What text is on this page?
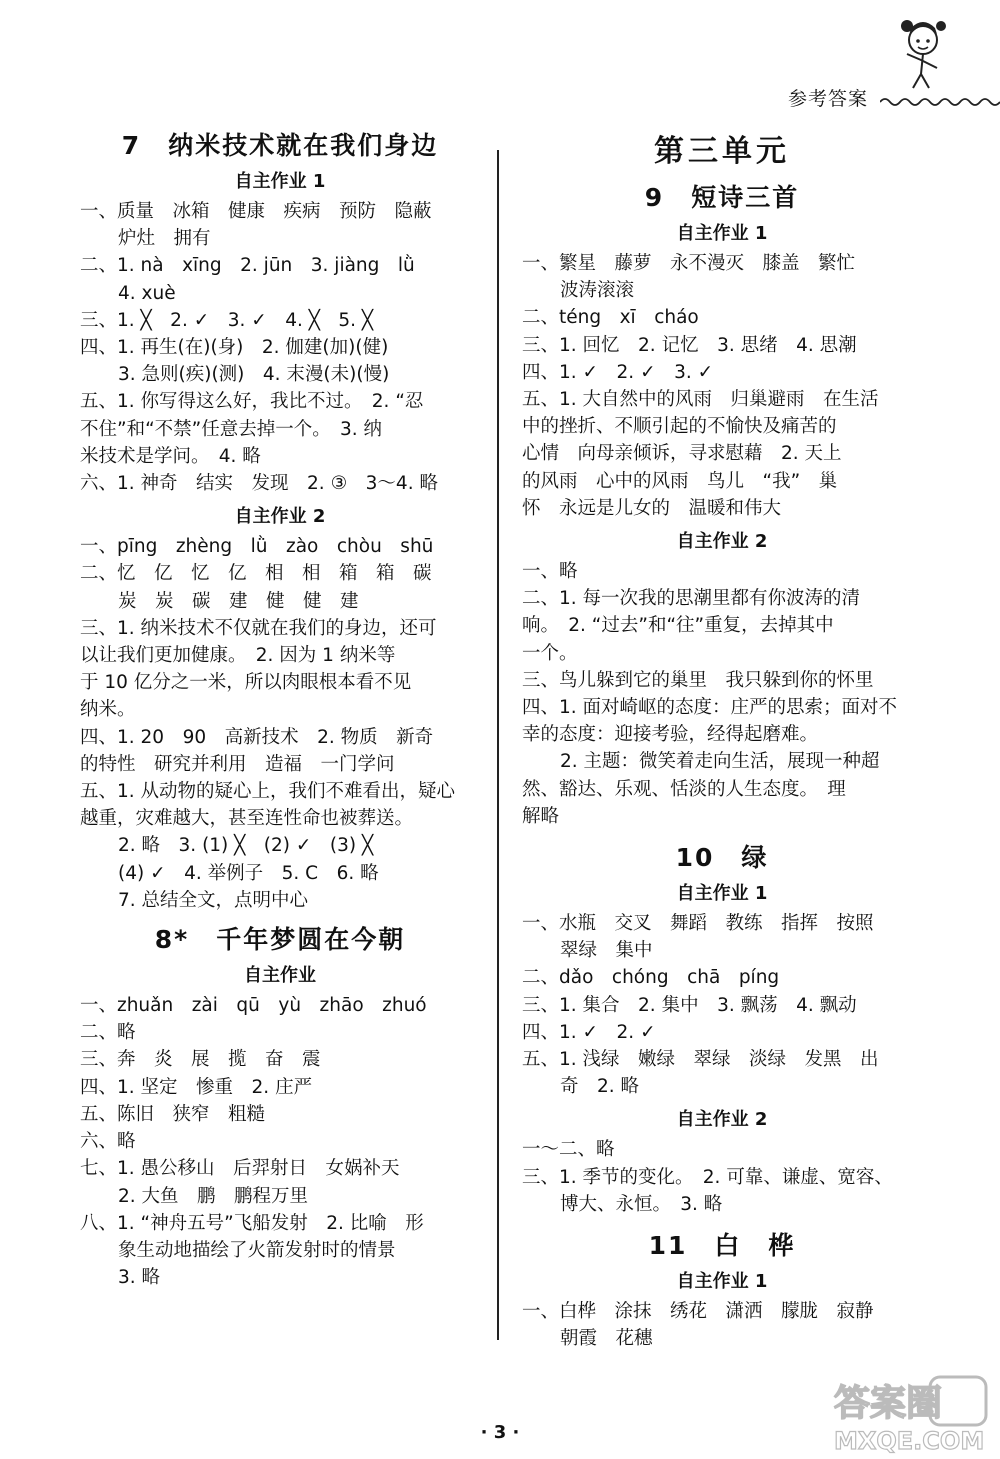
参考答案
7　纳米技术就在我们身边
自主作业 1

一、质量　冰箱　健康　疾病　预防　隐蔽

炉灶　拥有

二、1. nà　xīng　2. jūn　3. jiàng　lǜ

4. xuè

三、1. ╳　2. ✓　3. ✓　4. ╳　5. ╳

四、1. 再生(在)(身)　2. 伽建(加)(健)

3. 急则(疾)(测)　4. 末漫(未)(慢)

五、1. 你写得这么好，我比不过。　2. “忍

不住”和“不禁”任意去掉一个。　3. 纳

米技术是学问。　4. 略

六、1. 神奇　结实　发现　2. ③　3～4. 略

自主作业 2

一、pīng　zhèng　lǜ　zào　chòu　shū

二、忆　亿　忆　亿　相　相　箱　箱　碳

炭　炭　碳　建　健　健　建

三、1. 纳米技术不仅就在我们的身边，还可

以让我们更加健康。　2. 因为 1 纳米等

于 10 亿分之一米，所以肉眼根本看不见

纳米。

四、1. 20　90　高新技术　2. 物质　新奇

的特性　研究并利用　造福　一门学问

五、1. 从动物的疑心上，我们不难看出，疑心

越重，灾难越大，甚至连性命也被葬送。

2. 略　3. (1) ╳　(2) ✓　(3) ╳

(4) ✓　4. 举例子　5. C　6. 略

7. 总结全文，点明中心

8*　千年梦圆在今朝
自主作业

一、zhuǎn　zài　qū　yù　zhāo　zhuó

二、略

三、奔　炎　展　揽　奋　震

四、1. 坚定　惨重　2. 庄严

五、陈旧　狭窄　粗糙

六、略

七、1. 愚公移山　后羿射日　女娲补天

2. 大鱼　鹏　鹏程万里

八、1. “神舟五号”飞船发射　2. 比喻　形

象生动地描绘了火箭发射时的情景

3. 略

第三单元
9　短诗三首
自主作业 1

一、繁星　藤萝　永不漫灭　膝盖　繁忙

波涛滚滚

二、téng　xī　cháo

三、1. 回忆　2. 记忆　3. 思绪　4. 思潮

四、1. ✓　2. ✓　3. ✓

五、1. 大自然中的风雨　归巢避雨　在生活

中的挫折、不顺引起的不愉快及痛苦的

心情　向母亲倾诉，寻求慰藉　2. 天上

的风雨　心中的风雨　鸟儿　“我”　巢

怀　永远是儿女的　温暖和伟大

自主作业 2

一、略

二、1. 每一次我的思潮里都有你波涛的清

响。　2. “过去”和“往”重复，去掉其中

一个。

三、鸟儿躲到它的巢里　我只躲到你的怀里

四、1. 面对崎岖的态度：庄严的思索；面对不

幸的态度：迎接考验，经得起磨难。

2. 主题：微笑着走向生活，展现一种超

然、豁达、乐观、恬淡的人生态度。　理

解略

10　绿
自主作业 1

一、水瓶　交叉　舞蹈　教练　指挥　按照

翠绿　集中

二、dǎo　chóng　chā　píng

三、1. 集合　2. 集中　3. 飘荡　4. 飘动

四、1. ✓　2. ✓

五、1. 浅绿　嫩绿　翠绿　淡绿　发黑　出

奇　2. 略

自主作业 2

一～二、略

三、1. 季节的变化。　2. 可靠、谦虚、宽容、

博大、永恒。　3. 略

11　白　桦
自主作业 1

一、白桦　涂抹　绣花　潇洒　朦胧　寂静

朝霞　花穗

· 3 ·
答案圈
MXQE.COM
